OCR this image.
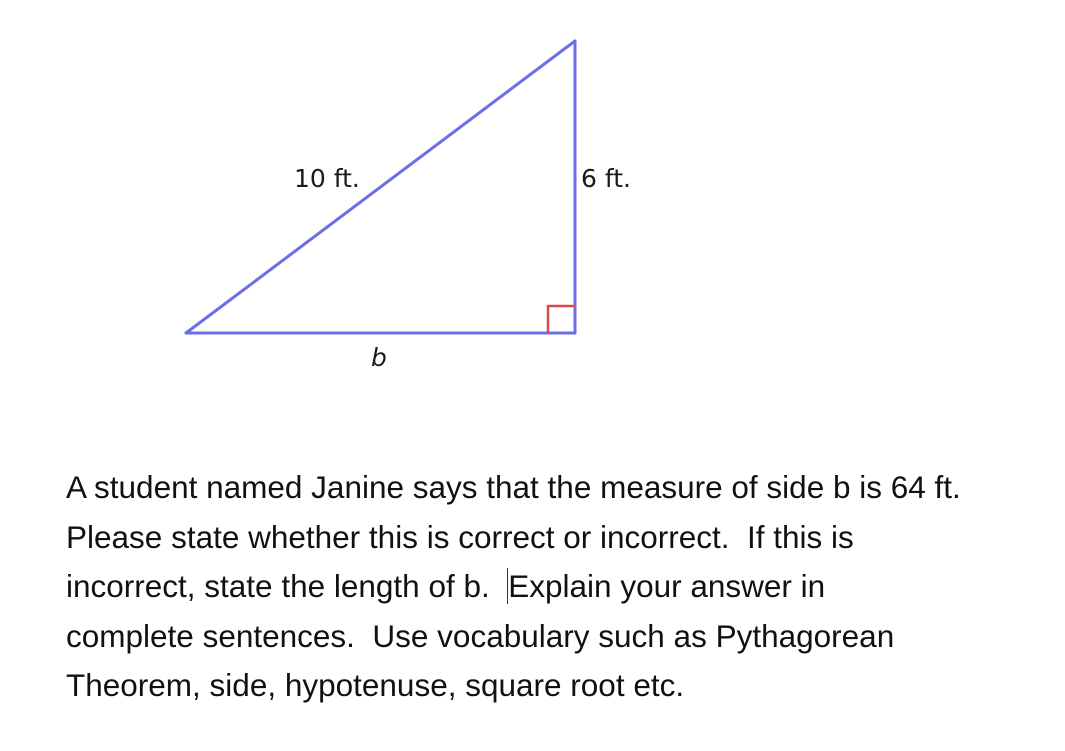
10 ft.	6 ft.
b

A student named Janine says that the measure of side b is 64 ft.
Please state whether this is correct or incorrect.  If this is
incorrect, state the length of b.  Explain your answer in
complete sentences.  Use vocabulary such as Pythagorean
Theorem, side, hypotenuse, square root etc.
